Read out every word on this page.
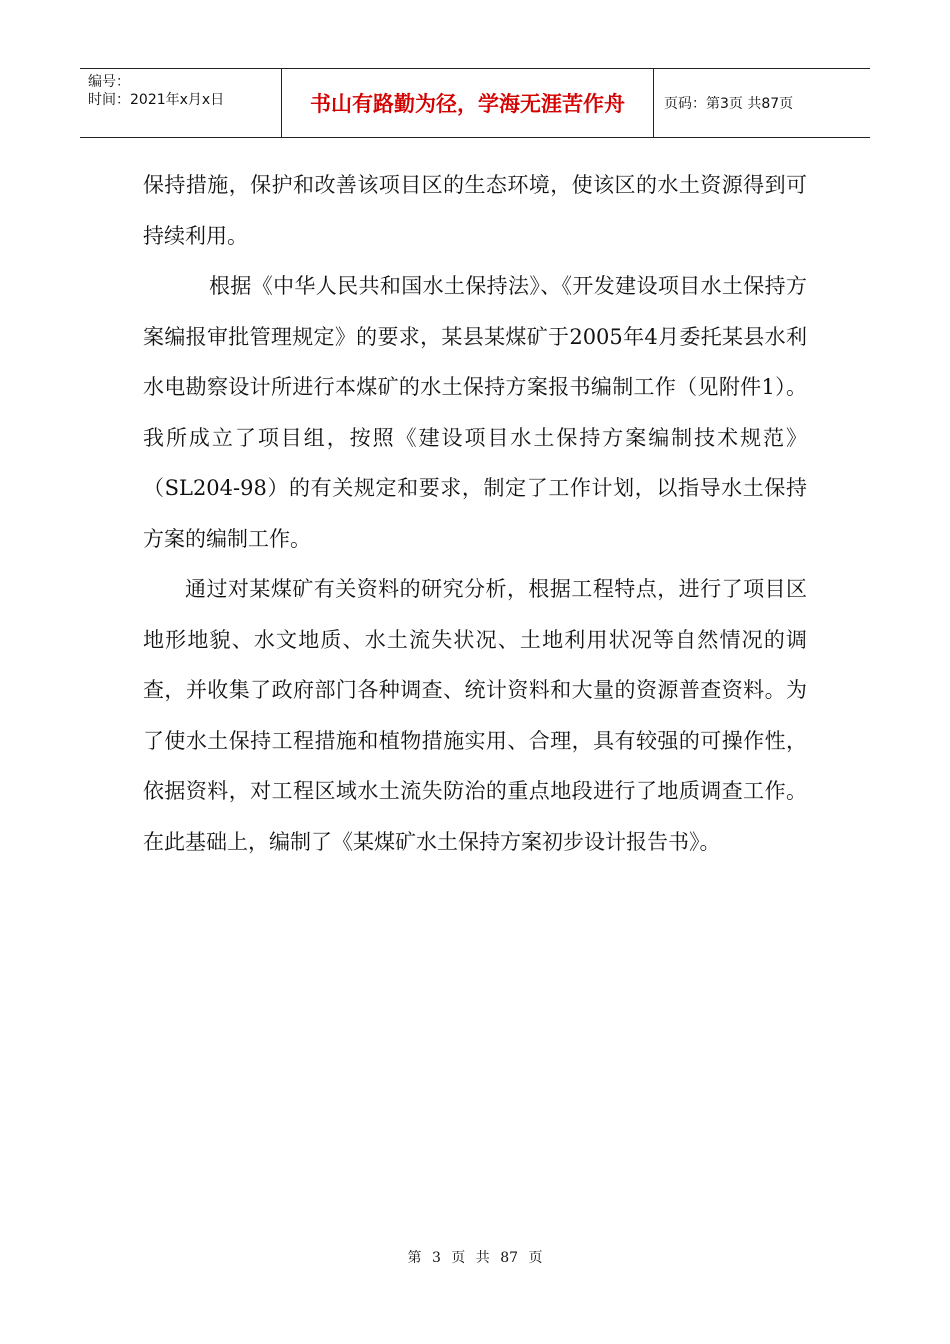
编号：
时间：2021年x月x日	书山有路勤为径，学海无涯苦作舟	页码：第3页 共87页

保持措施，保护和改善该项目区的生态环境，使该区的水土资源得到可持续利用。

根据《中华人民共和国水土保持法》、《开发建设项目水土保持方案编报审批管理规定》的要求，某县某煤矿于2005年4月委托某县水利水电勘察设计所进行本煤矿的水土保持方案报书编制工作（见附件1）。我所成立了项目组，按照《建设项目水土保持方案编制技术规范》（SL204-98）的有关规定和要求，制定了工作计划，以指导水土保持方案的编制工作。

通过对某煤矿有关资料的研究分析，根据工程特点，进行了项目区地形地貌、水文地质、水土流失状况、土地利用状况等自然情况的调查，并收集了政府部门各种调查、统计资料和大量的资源普查资料。为了使水土保持工程措施和植物措施实用、合理，具有较强的可操作性，依据资料，对工程区域水土流失防治的重点地段进行了地质调查工作。在此基础上，编制了《某煤矿水土保持方案初步设计报告书》。

第 3 页 共 87 页
